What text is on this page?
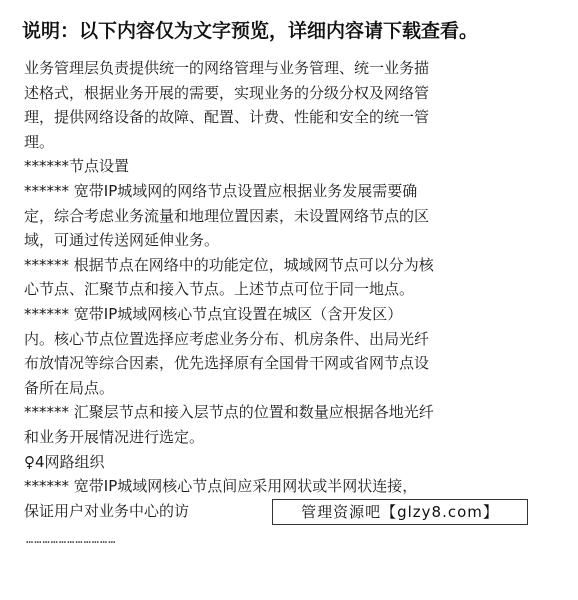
说明：以下内容仅为文字预览，详细内容请下载查看。

业务管理层负责提供统一的网络管理与业务管理、统一业务描

述格式，根据业务开展的需要，实现业务的分级分权及网络管

理，提供网络设备的故障、配置、计费、性能和安全的统一管

理。

******节点设置

****** 宽带IP城域网的网络节点设置应根据业务发展需要确

定，综合考虑业务流量和地理位置因素，未设置网络节点的区

域，可通过传送网延伸业务。

****** 根据节点在网络中的功能定位，城域网节点可以分为核

心节点、汇聚节点和接入节点。上述节点可位于同一地点。

****** 宽带IP城域网核心节点宜设置在城区（含开发区）

内。核心节点位置选择应考虑业务分布、机房条件、出局光纤

布放情况等综合因素，优先选择原有全国骨干网或省网节点设

备所在局点。

****** 汇聚层节点和接入层节点的位置和数量应根据各地光纤

和业务开展情况进行选定。

♀4网路组织

****** 宽带IP城域网核心节点间应采用网状或半网状连接，

保证用户对业务中心的访	管理资源吧【glzy8.com】
……………………………
